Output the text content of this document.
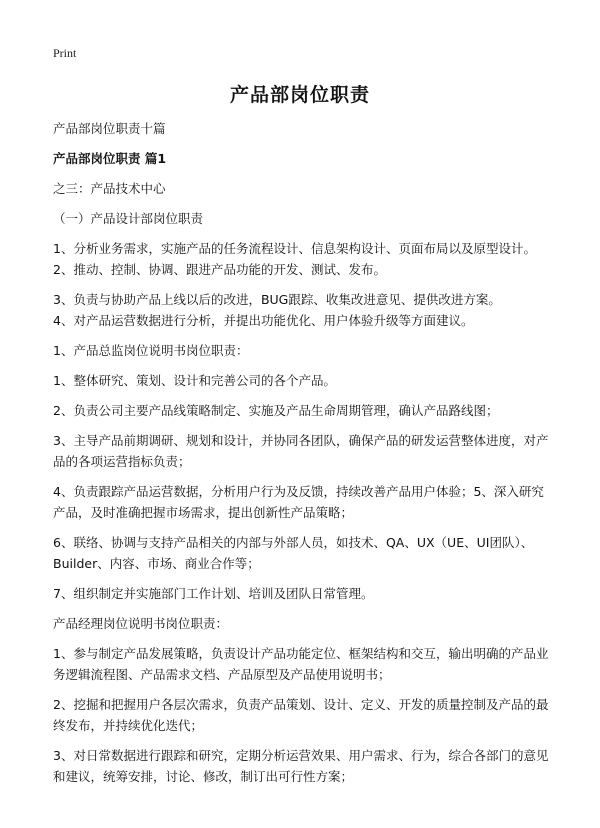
Print
产品部岗位职责

产品部岗位职责十篇

产品部岗位职责 篇1

之三：产品技术中心

（一）产品设计部岗位职责

1、分析业务需求，实施产品的任务流程设计、信息架构设计、页面布局以及原型设计。 2、推动、控制、协调、跟进产品功能的开发、测试、发布。

3、负责与协助产品上线以后的改进，BUG跟踪、收集改进意见、提供改进方案。

4、对产品运营数据进行分析，并提出功能优化、用户体验升级等方面建议。

1、产品总监岗位说明书岗位职责：

1、整体研究、策划、设计和完善公司的各个产品。

2、负责公司主要产品线策略制定、实施及产品生命周期管理，确认产品路线图；

3、主导产品前期调研、规划和设计，并协同各团队，确保产品的研发运营整体进度，对产品的各项运营指标负责；

4、负责跟踪产品运营数据，分析用户行为及反馈，持续改善产品用户体验；5、深入研究产品，及时准确把握市场需求，提出创新性产品策略；

6、联络、协调与支持产品相关的内部与外部人员，如技术、QA、UX（UE、UI团队）、Builder、内容、市场、商业合作等；

7、组织制定并实施部门工作计划、培训及团队日常管理。

产品经理岗位说明书岗位职责：

1、参与制定产品发展策略，负责设计产品功能定位、框架结构和交互，输出明确的产品业务逻辑流程图、产品需求文档、产品原型及产品使用说明书；

2、挖掘和把握用户各层次需求，负责产品策划、设计、定义、开发的质量控制及产品的最终发布，并持续优化迭代；

3、对日常数据进行跟踪和研究，定期分析运营效果、用户需求、行为，综合各部门的意见和建议，统筹安排，讨论、修改，制订出可行性方案；
